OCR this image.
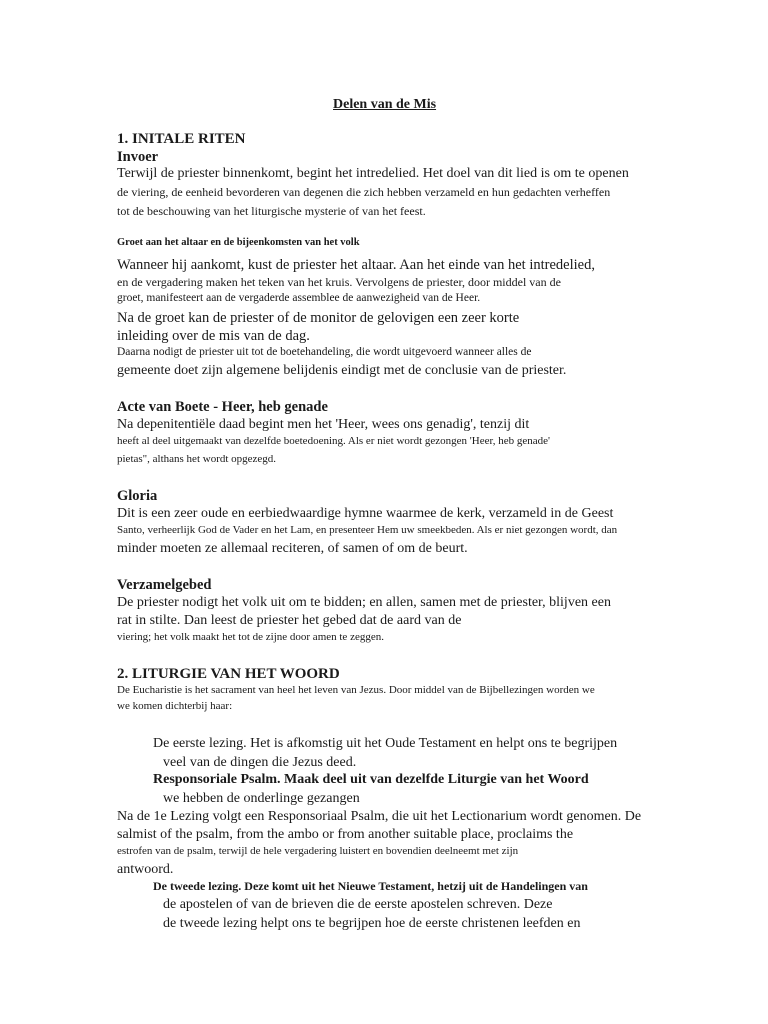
Delen van de Mis
1. INITALE RITEN
Invoer
Terwijl de priester binnenkomt, begint het intredelied. Het doel van dit lied is om te openen
de viering, de eenheid bevorderen van degenen die zich hebben verzameld en hun gedachten verheffen
tot de beschouwing van het liturgische mysterie of van het feest.
Groet aan het altaar en de bijeenkomsten van het volk
Wanneer hij aankomt, kust de priester het altaar. Aan het einde van het intredelied,
en de vergadering maken het teken van het kruis. Vervolgens de priester, door middel van de
groet, manifesteert aan de vergaderde assemblee de aanwezigheid van de Heer.
Na de groet kan de priester of de monitor de gelovigen een zeer korte
inleiding over de mis van de dag.
Daarna nodigt de priester uit tot de boetehandeling, die wordt uitgevoerd wanneer alles de
gemeente doet zijn algemene belijdenis eindigt met de conclusie van de priester.
Acte van Boete - Heer, heb genade
Na depenitentiële daad begint men het 'Heer, wees ons genadig', tenzij dit
heeft al deel uitgemaakt van dezelfde boetedoening. Als er niet wordt gezongen 'Heer, heb genade'
pietas", althans het wordt opgezegd.
Gloria
Dit is een zeer oude en eerbiedwaardige hymne waarmee de kerk, verzameld in de Geest
Santo, verheerlijk God de Vader en het Lam, en presenteer Hem uw smeekbeden. Als er niet gezongen wordt, dan
minder moeten ze allemaal reciteren, of samen of om de beurt.
Verzamelgebed
De priester nodigt het volk uit om te bidden; en allen, samen met de priester, blijven een
rat in stilte. Dan leest de priester het gebed dat de aard van de
viering; het volk maakt het tot de zijne door amen te zeggen.
2. LITURGIE VAN HET WOORD
De Eucharistie is het sacrament van heel het leven van Jezus. Door middel van de Bijbellezingen worden we
we komen dichterbij haar:
De eerste lezing. Het is afkomstig uit het Oude Testament en helpt ons te begrijpen
veel van de dingen die Jezus deed.
Responsoriale Psalm. Maak deel uit van dezelfde Liturgie van het Woord
we hebben de onderlinge gezangen
Na de 1e Lezing volgt een Responsoriaal Psalm, die uit het Lectionarium wordt genomen. De
salmist of the psalm, from the ambo or from another suitable place, proclaims the
estrofen van de psalm, terwijl de hele vergadering luistert en bovendien deelneemt met zijn
antwoord.
De tweede lezing. Deze komt uit het Nieuwe Testament, hetzij uit de Handelingen van
de apostelen of van de brieven die de eerste apostelen schreven. Deze
de tweede lezing helpt ons te begrijpen hoe de eerste christenen leefden en
